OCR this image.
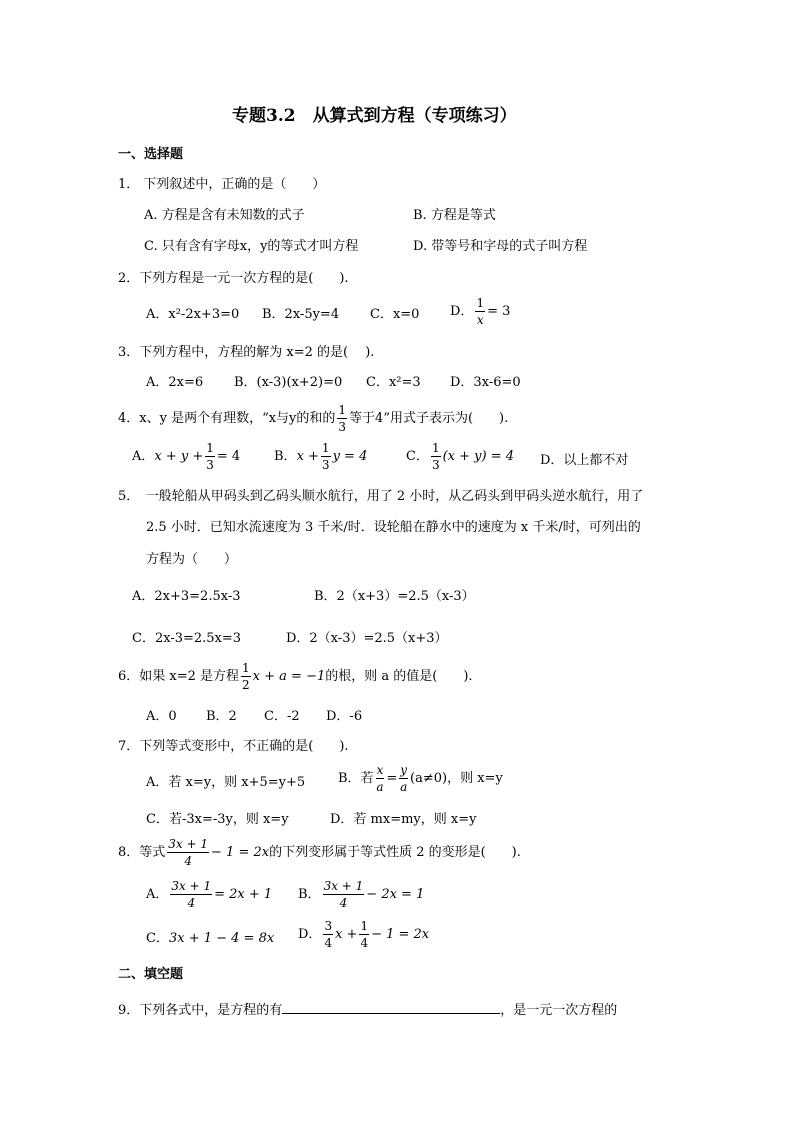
专题3.2　从算式到方程（专项练习）
一、选择题
1． 下列叙述中，正确的是（　　）
A. 方程是含有未知数的式子	B. 方程是等式
C. 只有含有字母x，y的等式才叫方程	D. 带等号和字母的式子叫方程
2．下列方程是一元一次方程的是(　　).
A．x²-2x+3=0 B．2x-5y=4 C．x=0 D． $\frac{1}{x} = 3$
3．下列方程中，方程的解为 x=2 的是(　 ).
A．2x=6 B．(x-3)(x+2)=0 C．x²=3 D．3x-6=0
4．x、y 是两个有理数，“x与y的和的 $\frac{1}{3}$ 等于4”用式子表示为(　　).
A． $x + y + \frac{1}{3} = 4$	B． $x + \frac{1}{3}$ y = 4	C． $\frac{1}{3} (x + y) = 4$ D．以上都不对
5．　一般轮船从甲码头到乙码头顺水航行，用了 2 小时，从乙码头到甲码头逆水航行，用了
2.5 小时．已知水流速度为 3 千米/时．设轮船在静水中的速度为 x 千米/时，可列出的
方程为（　　）
A．2x+3=2.5x-3	B．2（x+3）=2.5（x-3）
C．2x-3=2.5x=3	D．2（x-3）=2.5（x+3）
6．如果 x=2 是方程 $\frac{1}{2}$ x + a = −1 的根，则 a 的值是(　　).
A．0 B．2 C．-2 D．-6
7．下列等式变形中，不正确的是(　　).
A．若 x=y，则 x+5=y+5	B．若 $\frac{x}{a} = \frac{y}{a} (a\ne 0)$，则 x=y
C．若-3x=-3y，则 x=y	D．若 mx=my，则 x=y
8．等式 $\frac{3x + 1}{4} - 1 = 2x$ 的下列变形属于等式性质 2 的变形是(　　).
A． $\frac{3x + 1}{4} = 2x + 1$ B． $\frac{3x + 1}{4} - 2x = 1$
C． 3x + 1 − 4 = 8x D． $\frac{3}{4}$ $x + \frac{1}{4} - 1 = 2x$
二、填空题
9．下列各式中，是方程的有	，是一元一次方程的
